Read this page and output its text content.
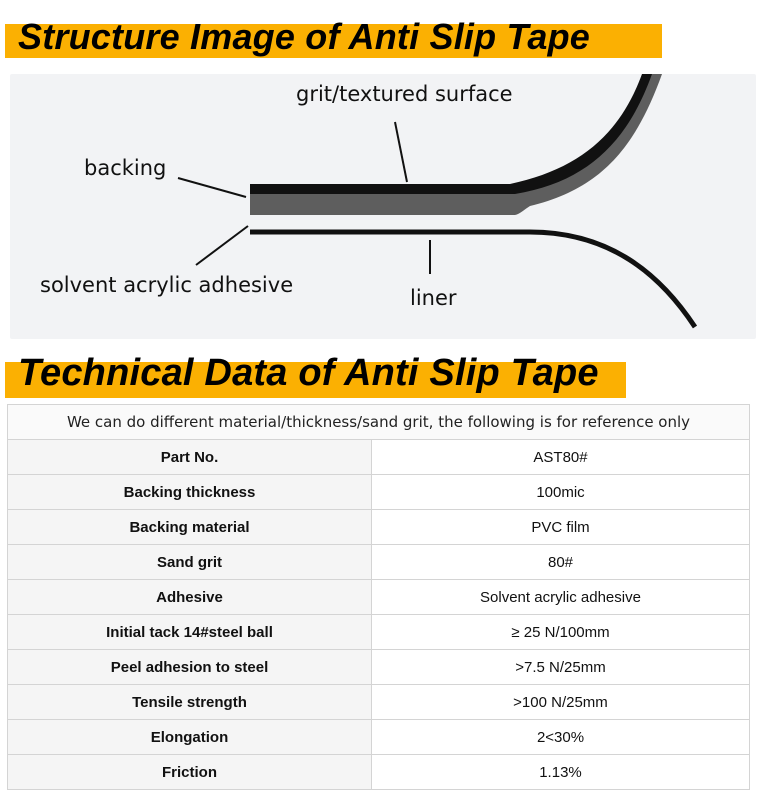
Structure Image of Anti Slip Tape
grit/textured surface
backing
solvent acrylic adhesive
liner
Technical Data of Anti Slip Tape
We can do different material/thickness/sand grit, the following is for reference only	
Part No.	AST80#
Backing thickness	100mic
Backing material	PVC film
Sand grit	80#
Adhesive	Solvent acrylic adhesive
Initial tack 14#steel ball	≥ 25 N/100mm
Peel adhesion to steel	>7.5 N/25mm
Tensile strength	>100 N/25mm
Elongation	2<30%
Friction	1.13%
